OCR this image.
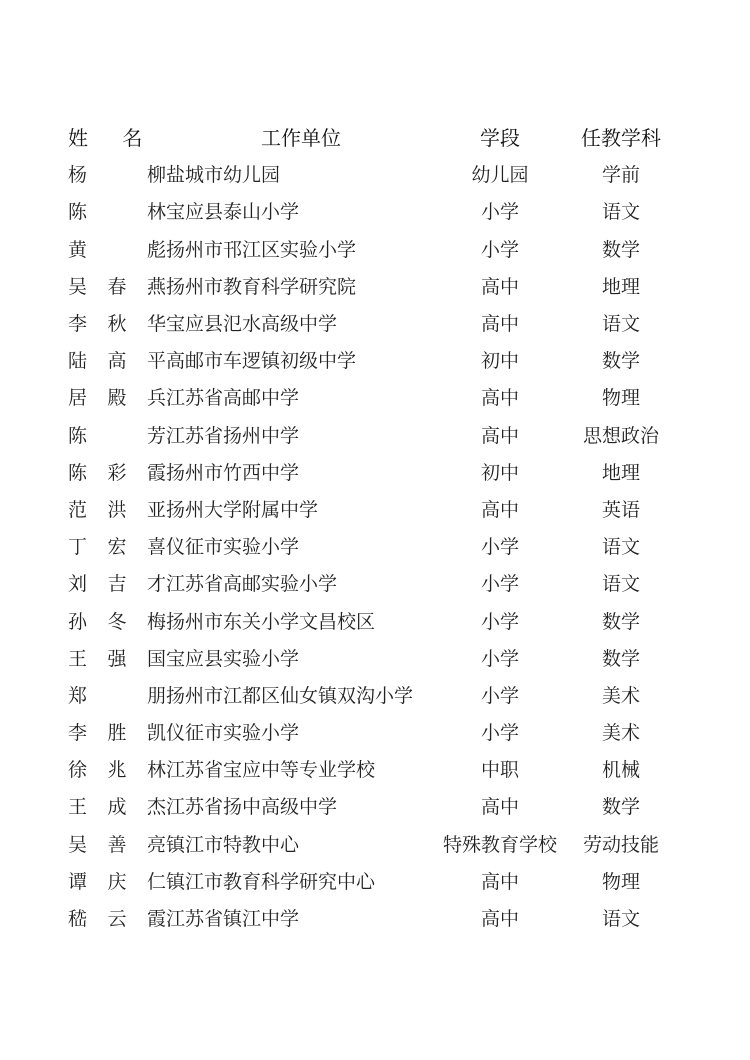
姓 名	工作单位	学段	任教学科
杨 柳	盐城市幼儿园	幼儿园	学前
陈 林	宝应县泰山小学	小学	语文
黄 彪	扬州市邗江区实验小学	小学	数学
吴春燕	扬州市教育科学研究院	高中	地理
李秋华	宝应县氾水高级中学	高中	语文
陆高平	高邮市车逻镇初级中学	初中	数学
居殿兵	江苏省高邮中学	高中	物理
陈 芳	江苏省扬州中学	高中	思想政治
陈彩霞	扬州市竹西中学	初中	地理
范洪亚	扬州大学附属中学	高中	英语
丁宏喜	仪征市实验小学	小学	语文
刘吉才	江苏省高邮实验小学	小学	语文
孙冬梅	扬州市东关小学文昌校区	小学	数学
王强国	宝应县实验小学	小学	数学
郑 朋	扬州市江都区仙女镇双沟小学	小学	美术
李胜凯	仪征市实验小学	小学	美术
徐兆林	江苏省宝应中等专业学校	中职	机械
王成杰	江苏省扬中高级中学	高中	数学
吴善亮	镇江市特教中心	特殊教育学校	劳动技能
谭庆仁	镇江市教育科学研究中心	高中	物理
嵇云霞	江苏省镇江中学	高中	语文
